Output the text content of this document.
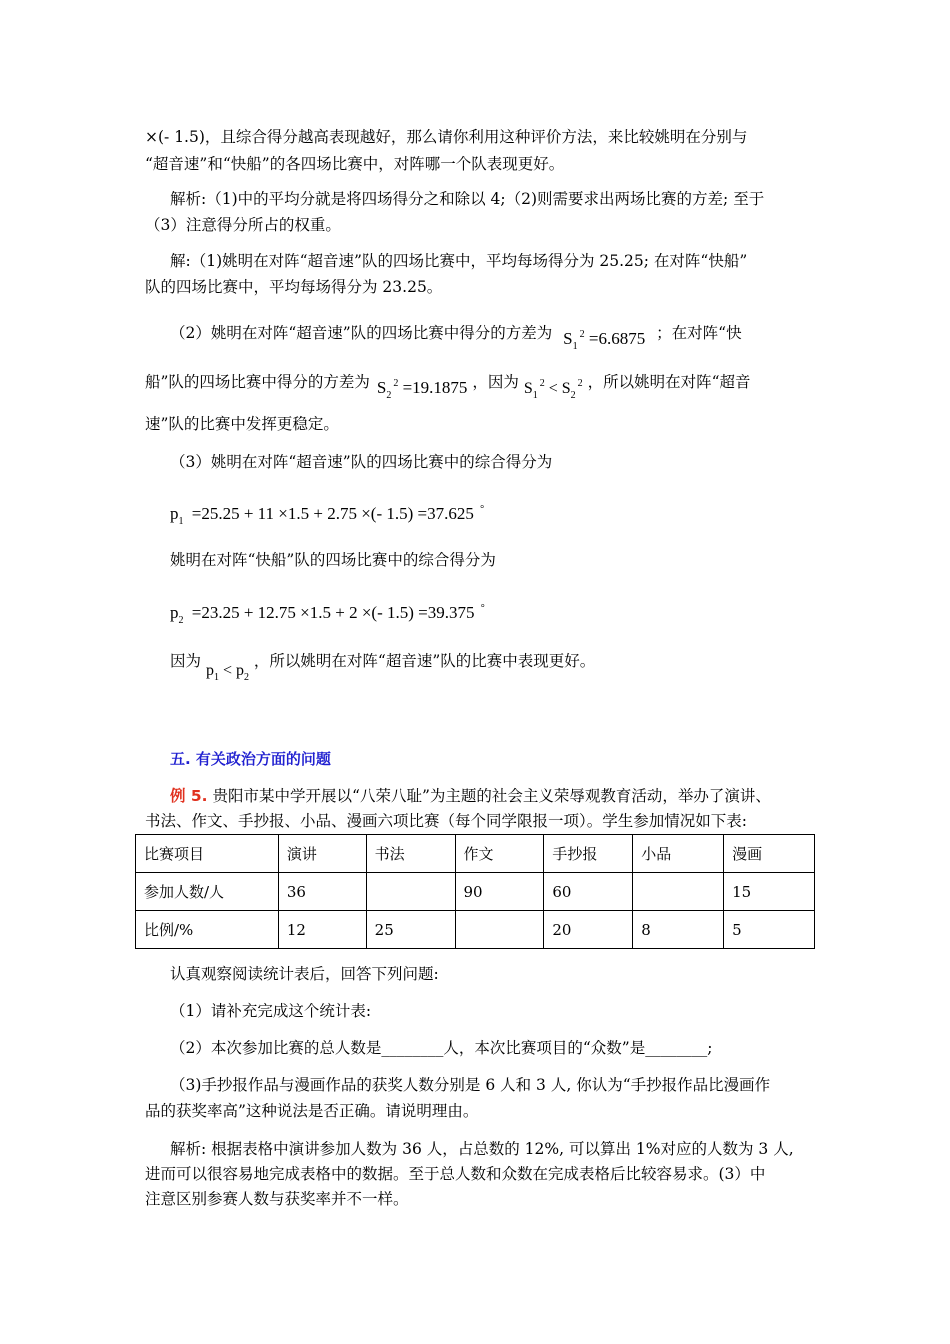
×(- 1.5)，且综合得分越高表现越好，那么请你利用这种评价方法，来比较姚明在分别与
“超音速”和“快船”的各四场比赛中，对阵哪一个队表现更好。
解析:（1)中的平均分就是将四场得分之和除以 4;（2)则需要求出两场比赛的方差; 至于
（3）注意得分所占的权重。
解:（1)姚明在对阵“超音速”队的四场比赛中，平均每场得分为 25.25; 在对阵“快船”
队的四场比赛中，平均每场得分为 23.25。
（2）姚明在对阵“超音速”队的四场比赛中得分的方差为 $S_1^2 =6.6875$ ；在对阵“快
船”队的四场比赛中得分的方差为 $S_2^2 =19.1875$ ，因为 $S_1^2 < S_2^2$ ，所以姚明在对阵“超音
速”队的比赛中发挥更稳定。
（3）姚明在对阵“超音速”队的四场比赛中的综合得分为
$p_1 =25.25 + 11 \times 1.5 + 2.75$ ×(- 1.5) =37.625 °
姚明在对阵“快船”队的四场比赛中的综合得分为
$p_2 =23.25 + 12.75 \times 1.5 + 2$ ×(- 1.5) =39.375 °
因为 $p_1 < p_2$ ，所以姚明在对阵“超音速”队的比赛中表现更好。
五. 有关政治方面的问题
例 5. 贵阳市某中学开展以“八荣八耻”为主题的社会主义荣辱观教育活动，举办了演讲、
书法、作文、手抄报、小品、漫画六项比赛（每个同学限报一项）。学生参加情况如下表:
比赛项目	演讲	书法	作文	手抄报	小品	漫画
参加人数/人	36		90	60		15
比例/%	12	25		20	8	5
认真观察阅读统计表后，回答下列问题:
（1）请补充完成这个统计表:
（2）本次参加比赛的总人数是________人，本次比赛项目的“众数”是________;
（3)手抄报作品与漫画作品的获奖人数分别是 6 人和 3 人, 你认为“手抄报作品比漫画作
品的获奖率高”这种说法是否正确。请说明理由。
解析: 根据表格中演讲参加人数为 36 人，占总数的 12%, 可以算出 1%对应的人数为 3 人,
进而可以很容易地完成表格中的数据。至于总人数和众数在完成表格后比较容易求。(3）中
注意区别参赛人数与获奖率并不一样。
